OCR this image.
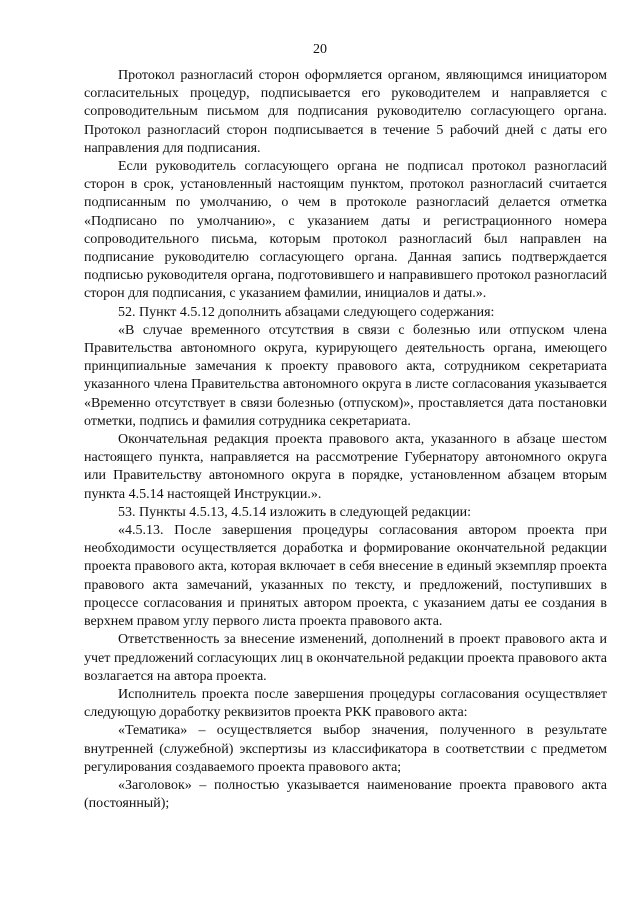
20

Протокол разногласий сторон оформляется органом, являющимся инициатором согласительных процедур, подписывается его руководителем и направляется с сопроводительным письмом для подписания руководителю согласующего органа. Протокол разногласий сторон подписывается в течение 5 рабочий дней с даты его направления для подписания.

Если руководитель согласующего органа не подписал протокол разногласий сторон в срок, установленный настоящим пунктом, протокол разногласий считается подписанным по умолчанию, о чем в протоколе разногласий делается отметка «Подписано по умолчанию», с указанием даты и регистрационного номера сопроводительного письма, которым протокол разногласий был направлен на подписание руководителю согласующего органа. Данная запись подтверждается подписью руководителя органа, подготовившего и направившего протокол разногласий сторон для подписания, с указанием фамилии, инициалов и даты.».

52. Пункт 4.5.12 дополнить абзацами следующего содержания:

«В случае временного отсутствия в связи с болезнью или отпуском члена Правительства автономного округа, курирующего деятельность органа, имеющего принципиальные замечания к проекту правового акта, сотрудником секретариата указанного члена Правительства автономного округа в листе согласования указывается «Временно отсутствует в связи болезнью (отпуском)», проставляется дата постановки отметки, подпись и фамилия сотрудника секретариата.

Окончательная редакция проекта правового акта, указанного в абзаце шестом настоящего пункта, направляется на рассмотрение Губернатору автономного округа или Правительству автономного округа в порядке, установленном абзацем вторым пункта 4.5.14 настоящей Инструкции.».

53. Пункты 4.5.13, 4.5.14 изложить в следующей редакции:

«4.5.13. После завершения процедуры согласования автором проекта при необходимости осуществляется доработка и формирование окончательной редакции проекта правового акта, которая включает в себя внесение в единый экземпляр проекта правового акта замечаний, указанных по тексту, и предложений, поступивших в процессе согласования и принятых автором проекта, с указанием даты ее создания в верхнем правом углу первого листа проекта правового акта.

Ответственность за внесение изменений, дополнений в проект правового акта и учет предложений согласующих лиц в окончательной редакции проекта правового акта возлагается на автора проекта.

Исполнитель проекта после завершения процедуры согласования осуществляет следующую доработку реквизитов проекта РКК правового акта:

«Тематика» – осуществляется выбор значения, полученного в результате внутренней (служебной) экспертизы из классификатора в соответствии с предметом регулирования создаваемого проекта правового акта;

«Заголовок» – полностью указывается наименование проекта правового акта (постоянный);
